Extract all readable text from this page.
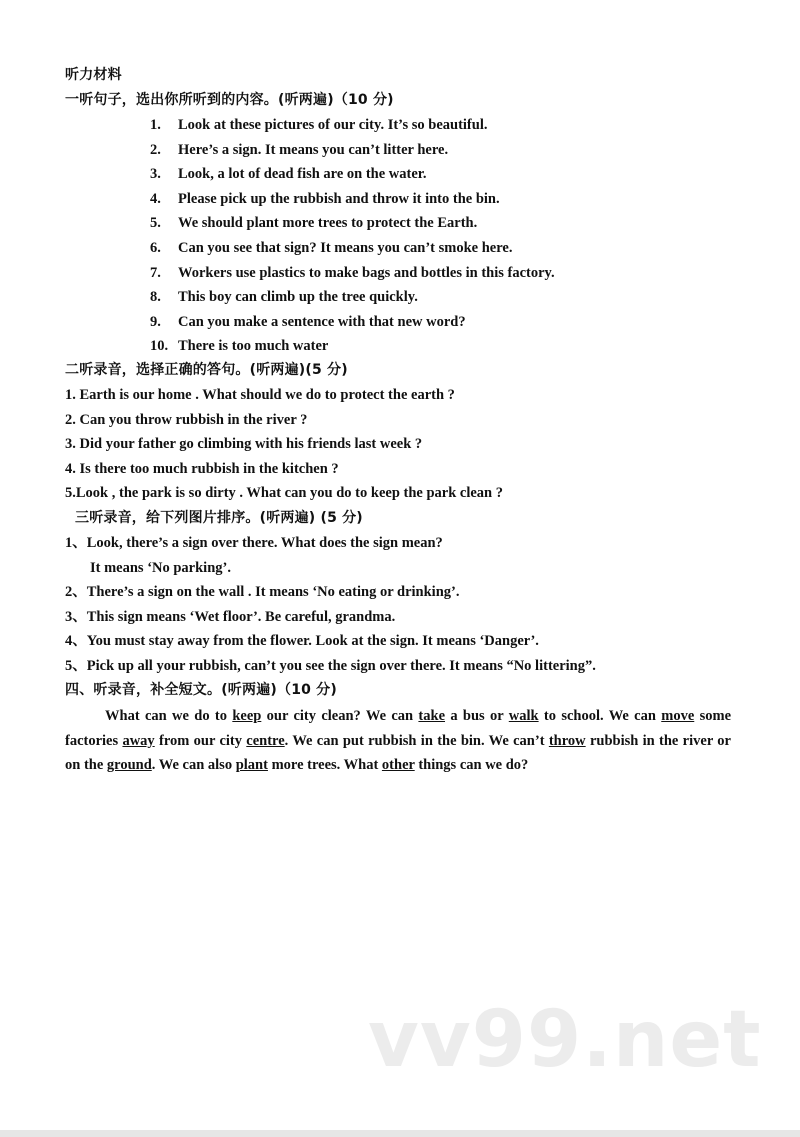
听力材料
一听句子，选出你所听到的内容。(听两遍)（10 分)
1. Look at these pictures of our city. It’s so beautiful.
2. Here’s a sign. It means you can’t litter here.
3. Look, a lot of dead fish are on the water.
4. Please pick up the rubbish and throw it into the bin.
5. We should plant more trees to protect the Earth.
6. Can you see that sign? It means you can’t smoke here.
7. Workers use plastics to make bags and bottles in this factory.
8. This boy can climb up the tree quickly.
9. Can you make a sentence with that new word?
10. There is too much water
二听录音，选择正确的答句。(听两遍)(5 分)
1. Earth is our home . What should we do to protect the earth ?
2. Can you throw rubbish in the river ?
3. Did your father go climbing with his friends last week ?
4. Is there too much rubbish in the kitchen ?
5.Look , the park is so dirty . What can you do to keep the park clean ?
三听录音，给下列图片排序。(听两遍) (5 分)
1、Look, there’s a sign over there. What does the sign mean?
It means ‘No parking’.
2、There’s a sign on the wall . It means ‘No eating or drinking’.
3、This sign means ‘Wet floor’. Be careful, grandma.
4、You must stay away from the flower. Look at the sign. It means ‘Danger’.
5、Pick up all your rubbish, can’t you see the sign over there. It means “No littering”.
四、听录音，补全短文。(听两遍)（10 分)
What can we do to keep our city clean? We can take a bus or walk to school. We can move some factories away from our city centre. We can put rubbish in the bin. We can’t throw rubbish in the river or on the ground. We can also plant more trees. What other things can we do?
vv99.net
